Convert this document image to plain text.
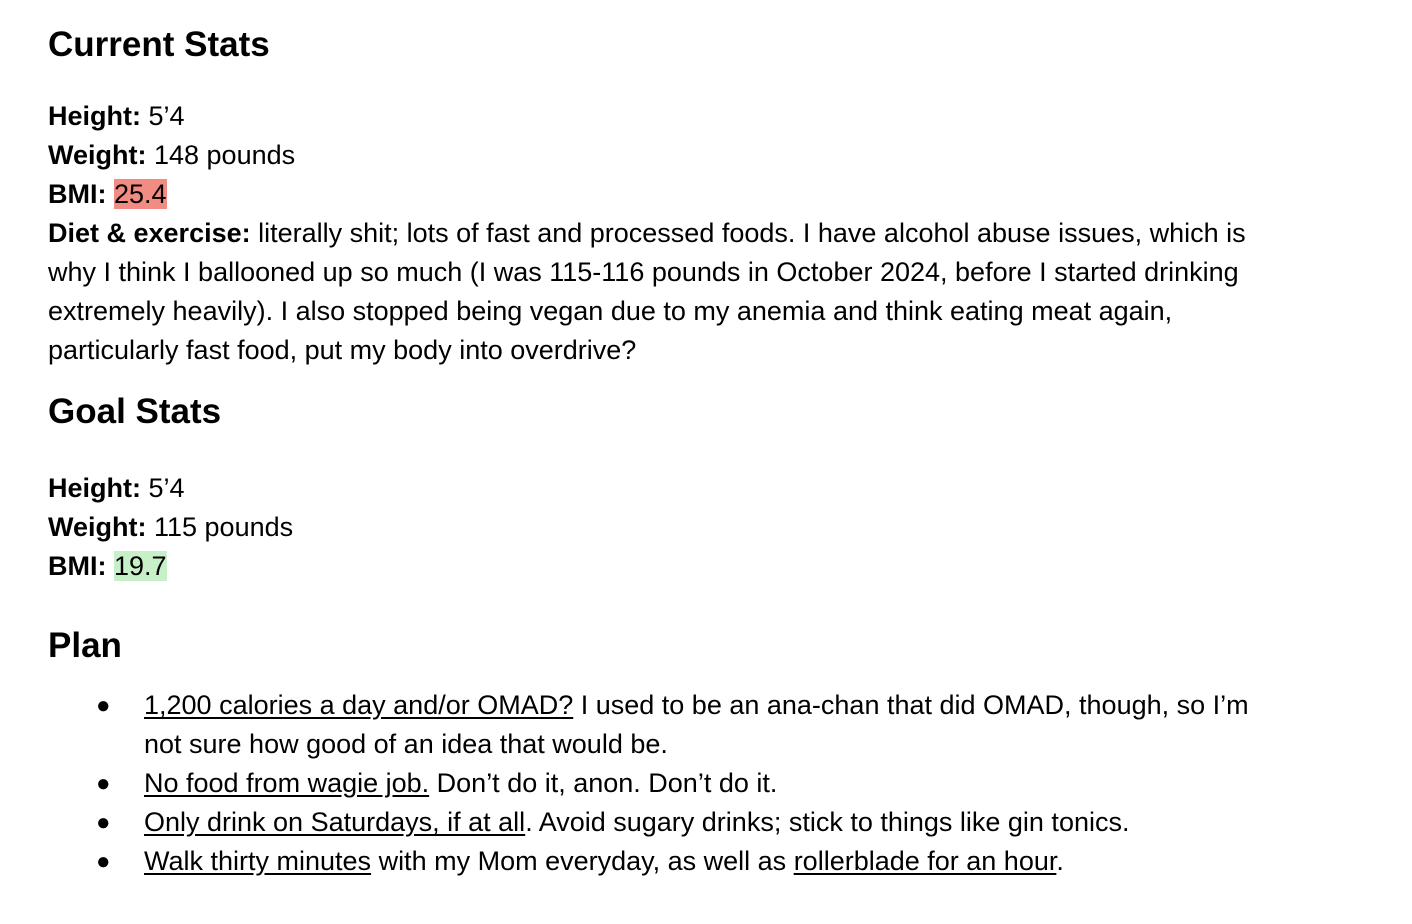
Current Stats

Height: 5’4

Weight: 148 pounds

BMI: 25.4

Diet & exercise: literally shit; lots of fast and processed foods. I have alcohol abuse issues, which is why I think I ballooned up so much (I was 115-116 pounds in October 2024, before I started drinking extremely heavily). I also stopped being vegan due to my anemia and think eating meat again, particularly fast food, put my body into overdrive?

Goal Stats

Height: 5’4

Weight: 115 pounds

BMI: 19.7

Plan
● 1,200 calories a day and/or OMAD? I used to be an ana-chan that did OMAD, though, so I’m not sure how good of an idea that would be.
● No food from wagie job. Don’t do it, anon. Don’t do it.
● Only drink on Saturdays, if at all. Avoid sugary drinks; stick to things like gin tonics.
● Walk thirty minutes with my Mom everyday, as well as rollerblade for an hour.
